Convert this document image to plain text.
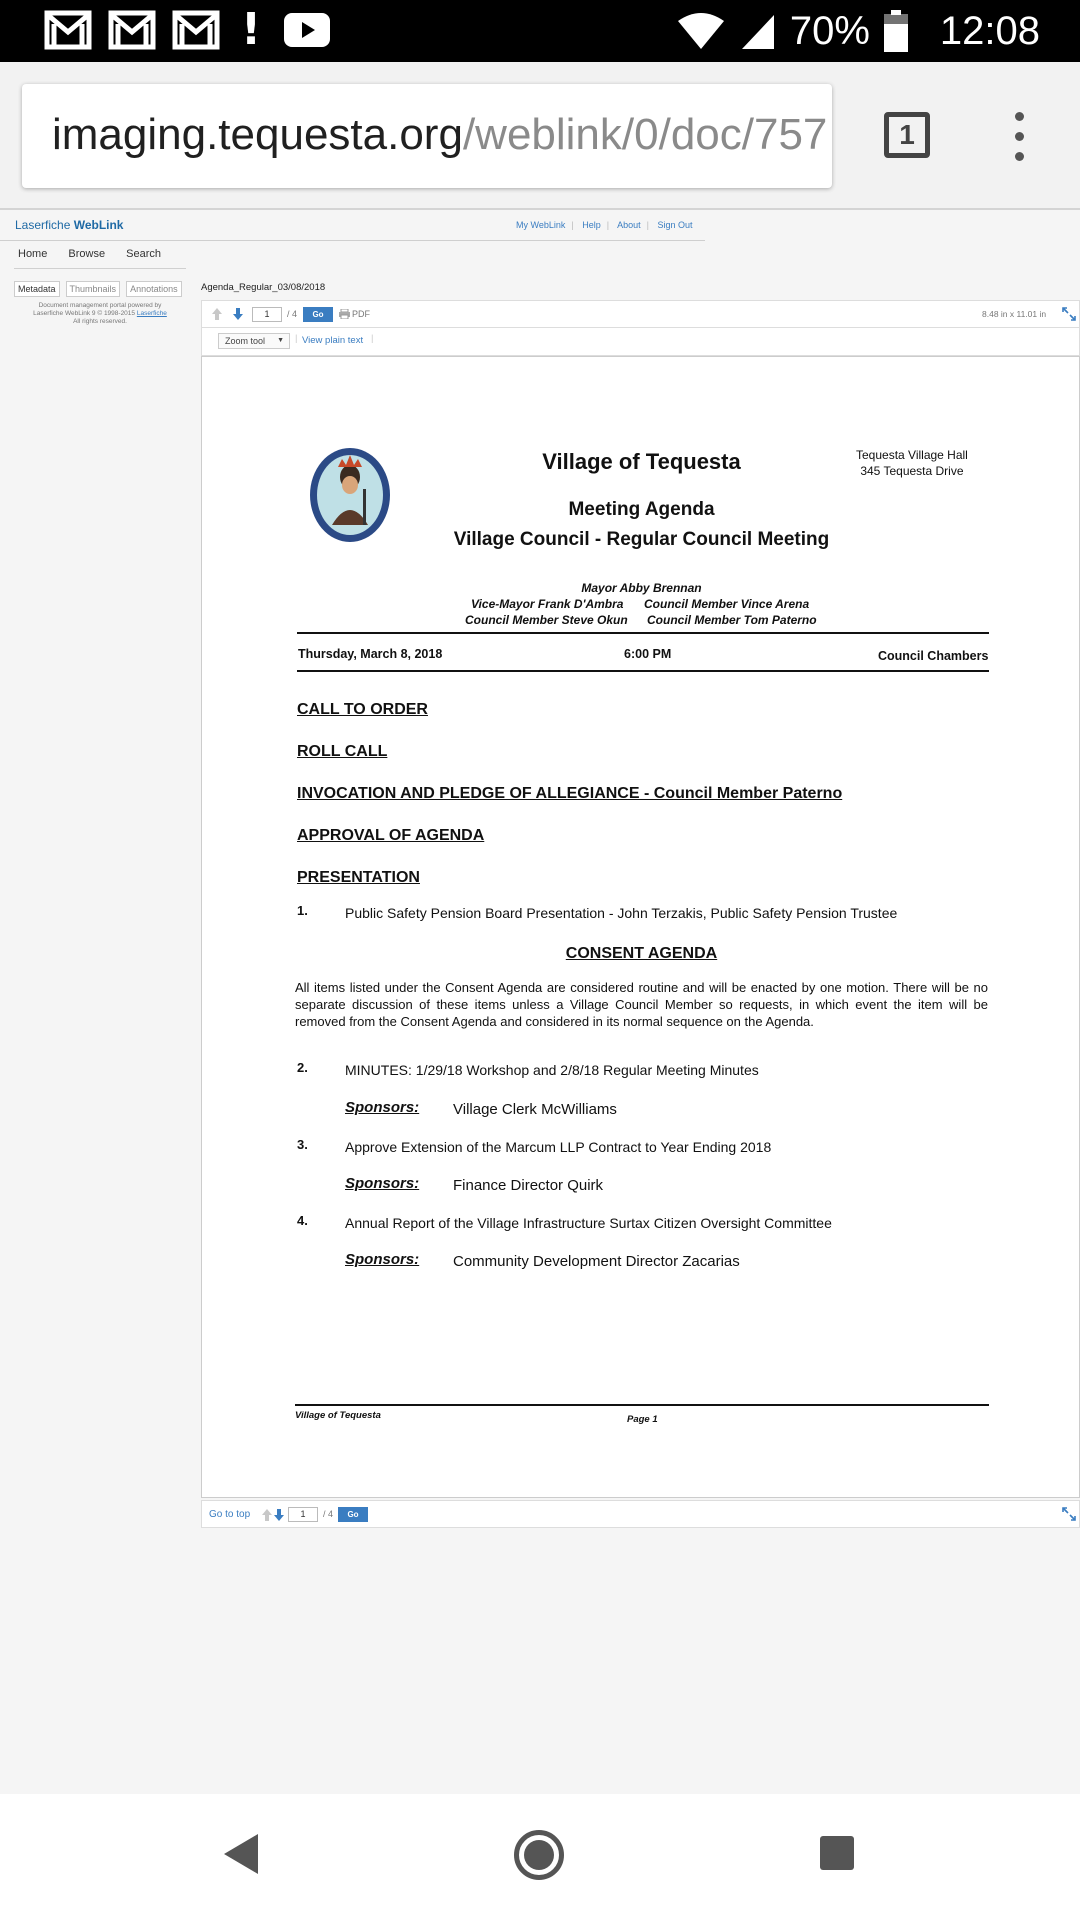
!	70% 12:08
imaging.tequesta.org/weblink/0/doc/757	1
Laserfiche WebLink	My WebLink | Help | About | Sign Out
Home Browse Search
Metadata	Thumbnails	Annotations
Document management portal powered by
Laserfiche WebLink 9 © 1998-2015 Laserfiche
All rights reserved.
Agenda_Regular_03/08/2018
1	/ 4	Go	PDF	8.48 in x 11.01 in
Zoom tool ▼ | View plain text |
Village of Tequesta	Tequesta Village Hall
345 Tequesta Drive
Meeting Agenda
Village Council - Regular Council Meeting
Mayor Abby Brennan
Vice-Mayor Frank D'Ambra Council Member Vince Arena
Council Member Steve Okun Council Member Tom Paterno
Thursday, March 8, 2018	6:00 PM	Council Chambers
CALL TO ORDER
ROLL CALL
INVOCATION AND PLEDGE OF ALLEGIANCE - Council Member Paterno
APPROVAL OF AGENDA
PRESENTATION
1.	Public Safety Pension Board Presentation - John Terzakis, Public Safety Pension Trustee
CONSENT AGENDA
All items listed under the Consent Agenda are considered routine and will be enacted by one motion. There will be no separate discussion of these items unless a Village Council Member so requests, in which event the item will be removed from the Consent Agenda and considered in its normal sequence on the Agenda.
2.	MINUTES: 1/29/18 Workshop and 2/8/18 Regular Meeting Minutes
Sponsors: Village Clerk McWilliams
3.	Approve Extension of the Marcum LLP Contract to Year Ending 2018
Sponsors: Finance Director Quirk
4.	Annual Report of the Village Infrastructure Surtax Citizen Oversight Committee
Sponsors: Community Development Director Zacarias
Village of Tequesta	Page 1
Go to top	1	/ 4	Go
